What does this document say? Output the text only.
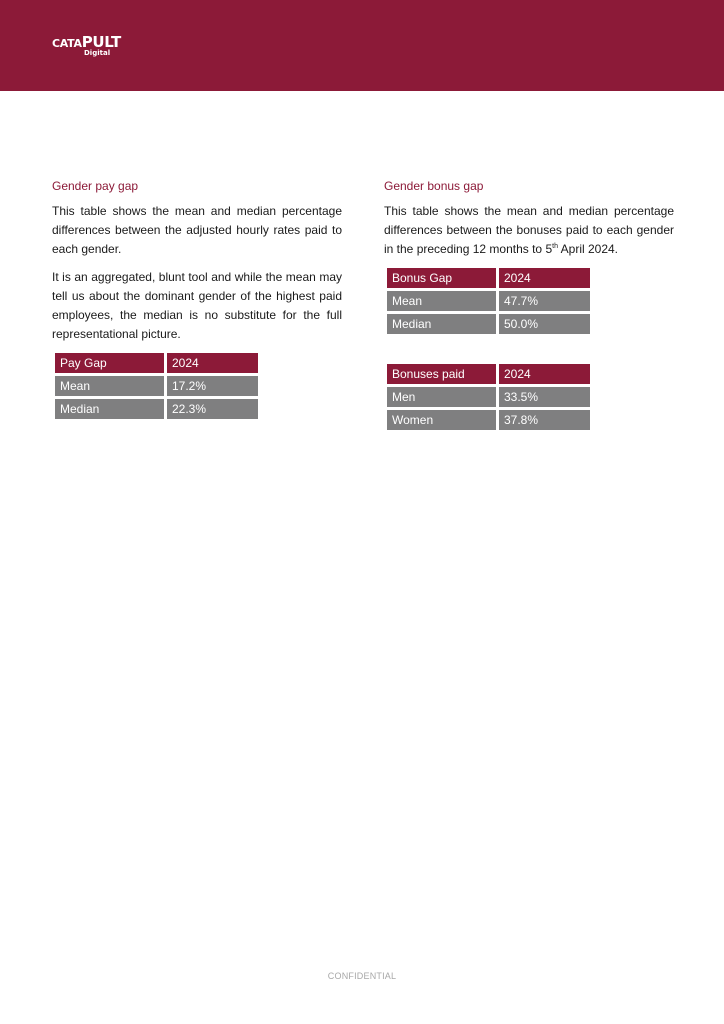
CATAPULT
Digital
Gender pay gap

This table shows the mean and median percentage differences between the adjusted hourly rates paid to each gender.

It is an aggregated, blunt tool and while the mean may tell us about the dominant gender of the highest paid employees, the median is no substitute for the full representational picture.

Pay Gap	2024
Mean	17.2%
Median	22.3%
Gender bonus gap

This table shows the mean and median percentage differences between the bonuses paid to each gender in the preceding 12 months to 5th April 2024.

Bonus Gap	2024
Mean	47.7%
Median	50.0%
Bonuses paid	2024
Men	33.5%
Women	37.8%
CONFIDENTIAL
